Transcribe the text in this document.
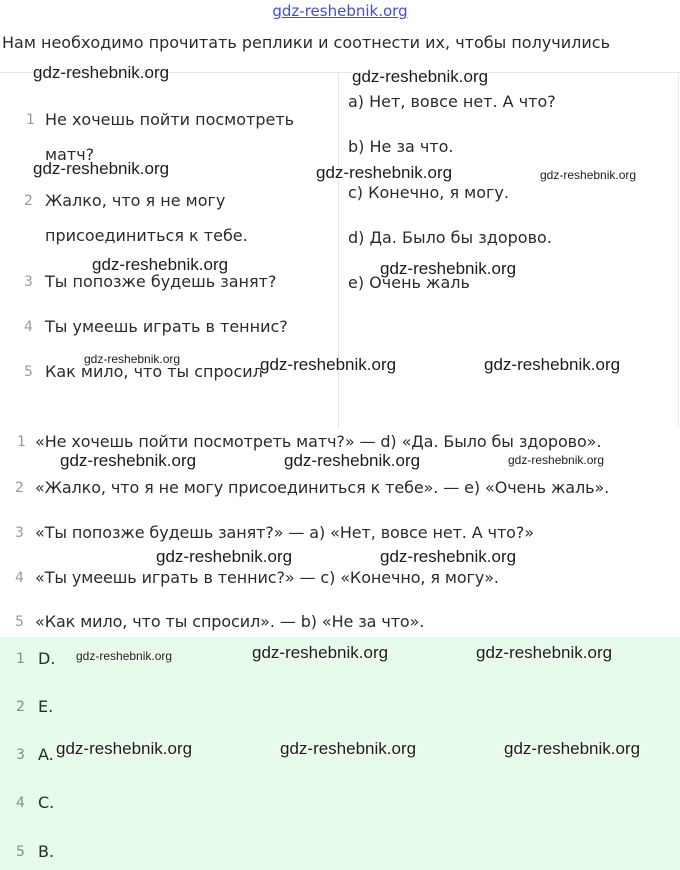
gdz-reshebnik.org
Нам необходимо прочитать реплики и соотнести их, чтобы получились
1 Не хочешь пойти посмотреть матч?
2 Жалко, что я не могу присоединиться к тебе.
3 Ты попозже будешь занят?
4 Ты умеешь играть в теннис?
5 Как мило, что ты спросил
a) Нет, вовсе нет. А что?
b) Не за что.
c) Конечно, я могу.
d) Да. Было бы здорово.
e) Очень жаль
1 «Не хочешь пойти посмотреть матч?» — d) «Да. Было бы здорово».
2 «Жалко, что я не могу присоединиться к тебе». — e) «Очень жаль».
3 «Ты попозже будешь занят?» — a) «Нет, вовсе нет. А что?»
4 «Ты умеешь играть в теннис?» — c) «Конечно, я могу».
5 «Как мило, что ты спросил». — b) «Не за что».
1 D.
2 E.
3 A.
4 C.
5 B.
gdz-reshebnik.org	gdz-reshebnik.org
gdz-reshebnik.org	gdz-reshebnik.org	gdz-reshebnik.org
gdz-reshebnik.org	gdz-reshebnik.org
gdz-reshebnik.org	gdz-reshebnik.org	gdz-reshebnik.org
gdz-reshebnik.org	gdz-reshebnik.org	gdz-reshebnik.org
gdz-reshebnik.org	gdz-reshebnik.org
gdz-reshebnik.org	gdz-reshebnik.org	gdz-reshebnik.org
gdz-reshebnik.org	gdz-reshebnik.org	gdz-reshebnik.org
